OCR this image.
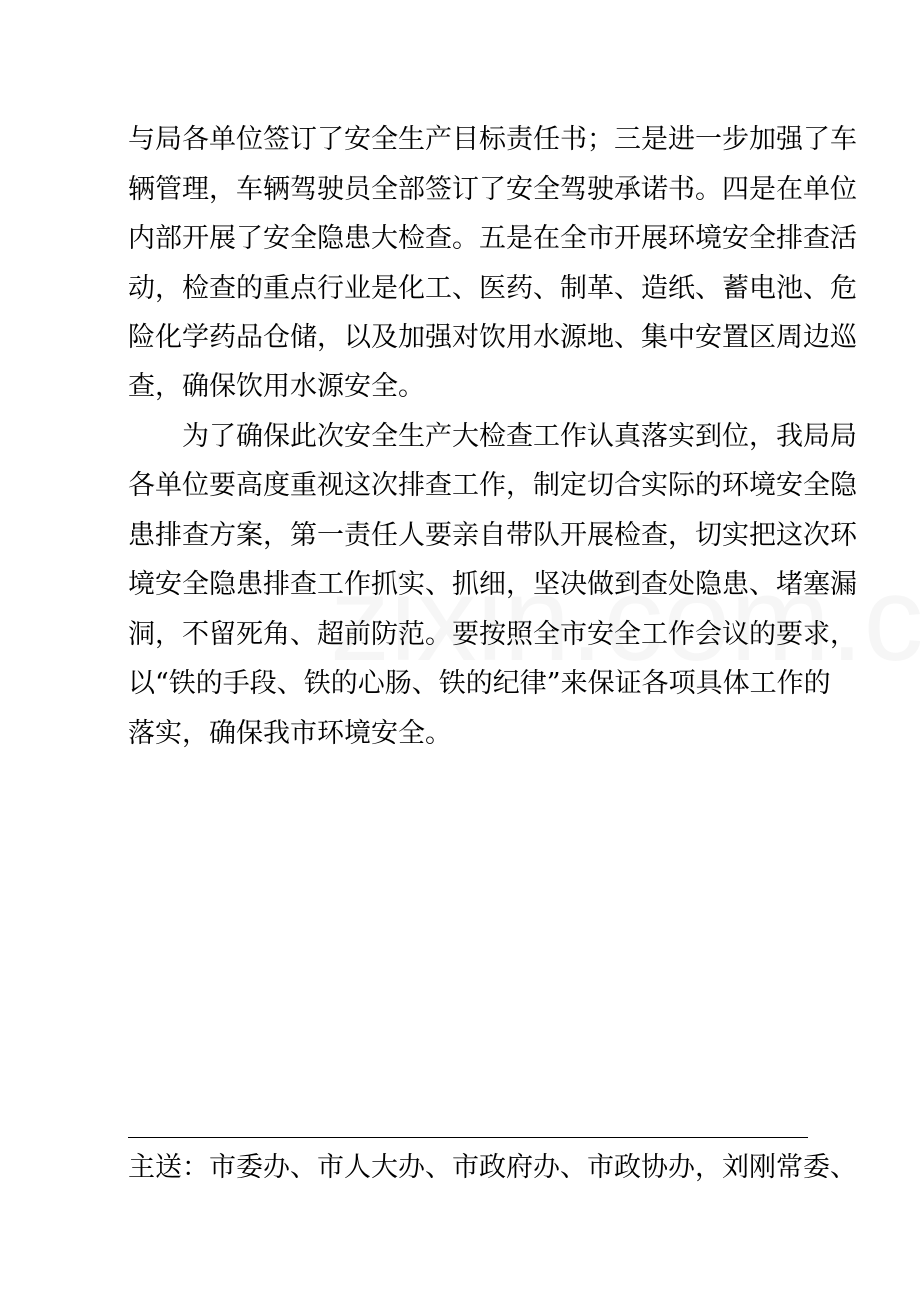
与局各单位签订了安全生产目标责任书；三是进一步加强了车
辆管理，车辆驾驶员全部签订了安全驾驶承诺书。四是在单位
内部开展了安全隐患大检查。五是在全市开展环境安全排查活
动，检查的重点行业是化工、医药、制革、造纸、蓄电池、危
险化学药品仓储，以及加强对饮用水源地、集中安置区周边巡
查，确保饮用水源安全。
　　为了确保此次安全生产大检查工作认真落实到位，我局局
各单位要高度重视这次排查工作，制定切合实际的环境安全隐
患排查方案，第一责任人要亲自带队开展检查，切实把这次环
境安全隐患排查工作抓实、抓细，坚决做到查处隐患、堵塞漏
洞，不留死角、超前防范。要按照全市安全工作会议的要求，
以“铁的手段、铁的心肠、铁的纪律”来保证各项具体工作的
落实，确保我市环境安全。
主送：市委办、市人大办、市政府办、市政协办，刘刚常委、
